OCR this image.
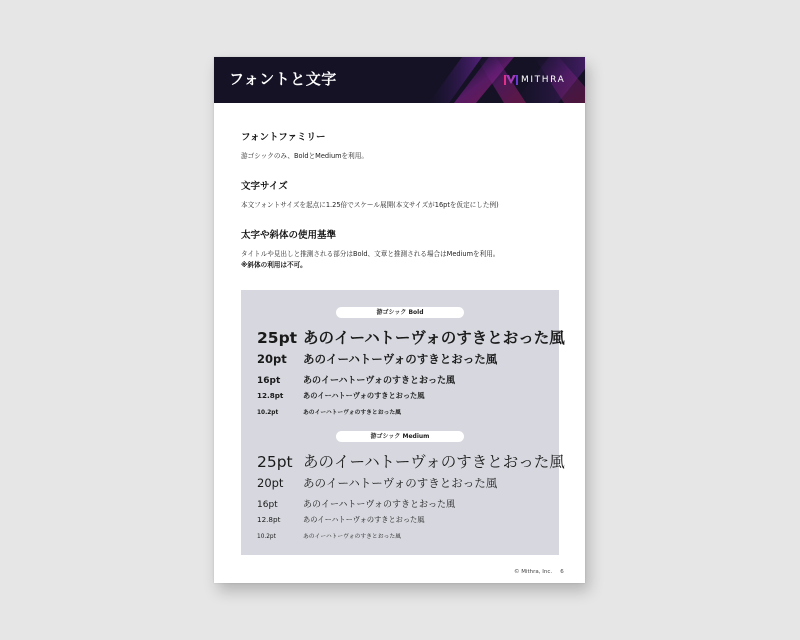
フォントと文字	MITHRA
フォントファミリー
游ゴシックのみ、BoldとMediumを利用。
文字サイズ
本文フォントサイズを起点に1.25倍でスケール展開(本文サイズが16ptを仮定にした例)
太字や斜体の使用基準
タイトルや見出しと推測される部分はBold、文章と推測される場合はMediumを利用。
※斜体の利用は不可。
游ゴシック Bold
25pt あのイーハトーヴォのすきとおった風
20pt	あのイーハトーヴォのすきとおった風
16pt	あのイーハトーヴォのすきとおった風
12.8pt	あのイーハトーヴォのすきとおった風
10.2pt	あのイーハトーヴォのすきとおった風
游ゴシック Medium
25pt あのイーハトーヴォのすきとおった風
20pt	あのイーハトーヴォのすきとおった風
16pt	あのイーハトーヴォのすきとおった風
12.8pt	あのイーハトーヴォのすきとおった風
10.2pt	あのイーハトーヴォのすきとおった風
© Mithra, Inc. 6
